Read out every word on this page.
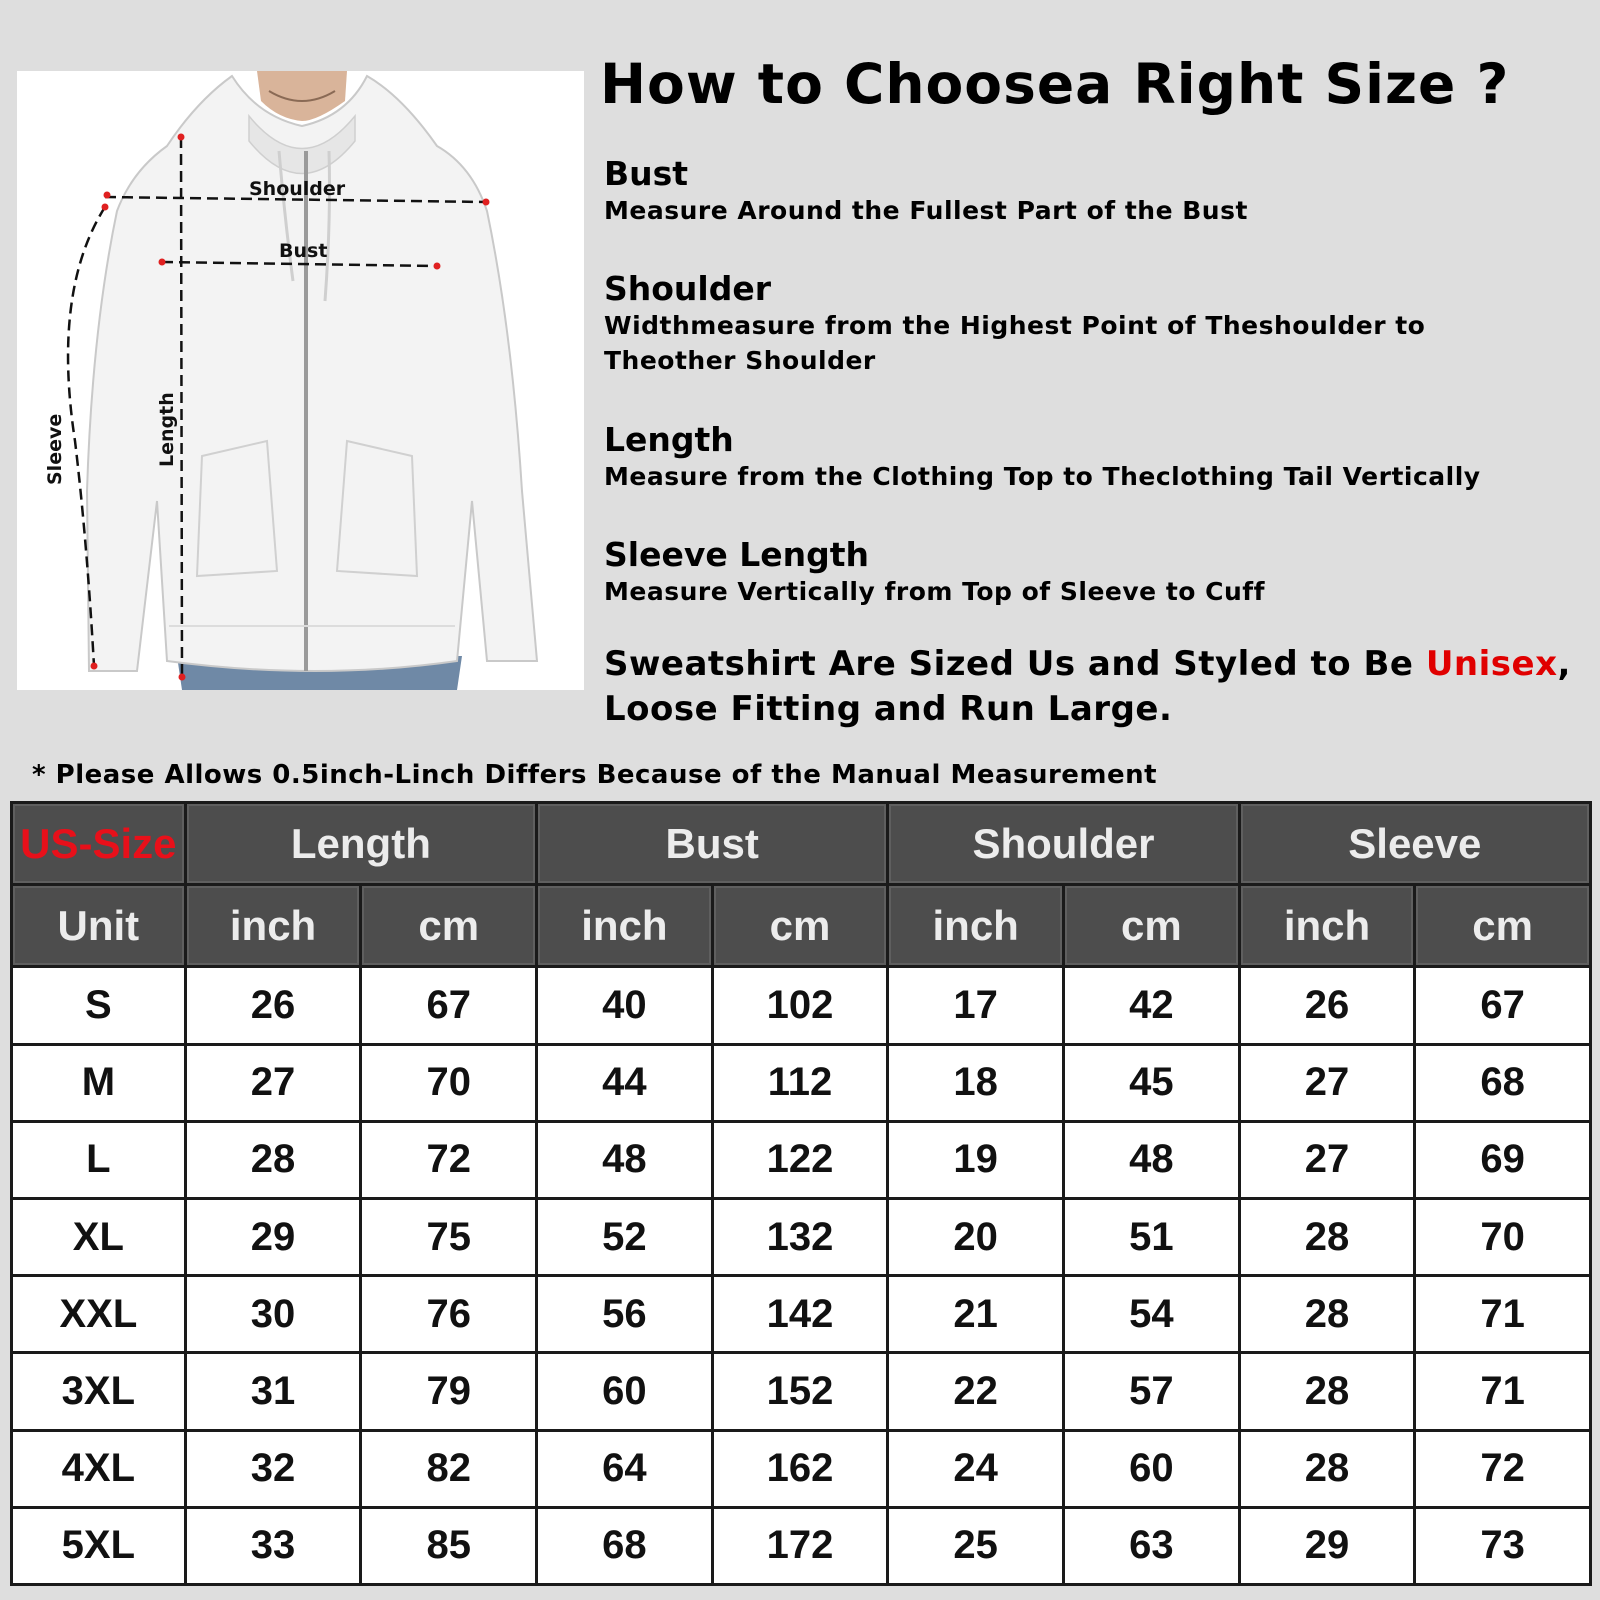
Shoulder
Bust
Length
Sleeve
How to Choosea Right Size ?
Bust
Measure Around the Fullest Part of the Bust
Shoulder
Widthmeasure from the Highest Point of Theshoulder to Theother Shoulder
Length
Measure from the Clothing Top to Theclothing Tail Vertically
Sleeve Length
Measure Vertically from Top of Sleeve to Cuff
Sweatshirt Are Sized Us and Styled to Be Unisex, Loose Fitting and Run Large.
* Please Allows 0.5inch-Linch Differs Because of the Manual Measurement
US-Size	Length		Bust		Shoulder		Sleeve	
Unit	inch	cm	inch	cm	inch	cm	inch	cm
S	26	67	40	102	17	42	26	67
M	27	70	44	112	18	45	27	68
L	28	72	48	122	19	48	27	69
XL	29	75	52	132	20	51	28	70
XXL	30	76	56	142	21	54	28	71
3XL	31	79	60	152	22	57	28	71
4XL	32	82	64	162	24	60	28	72
5XL	33	85	68	172	25	63	29	73
